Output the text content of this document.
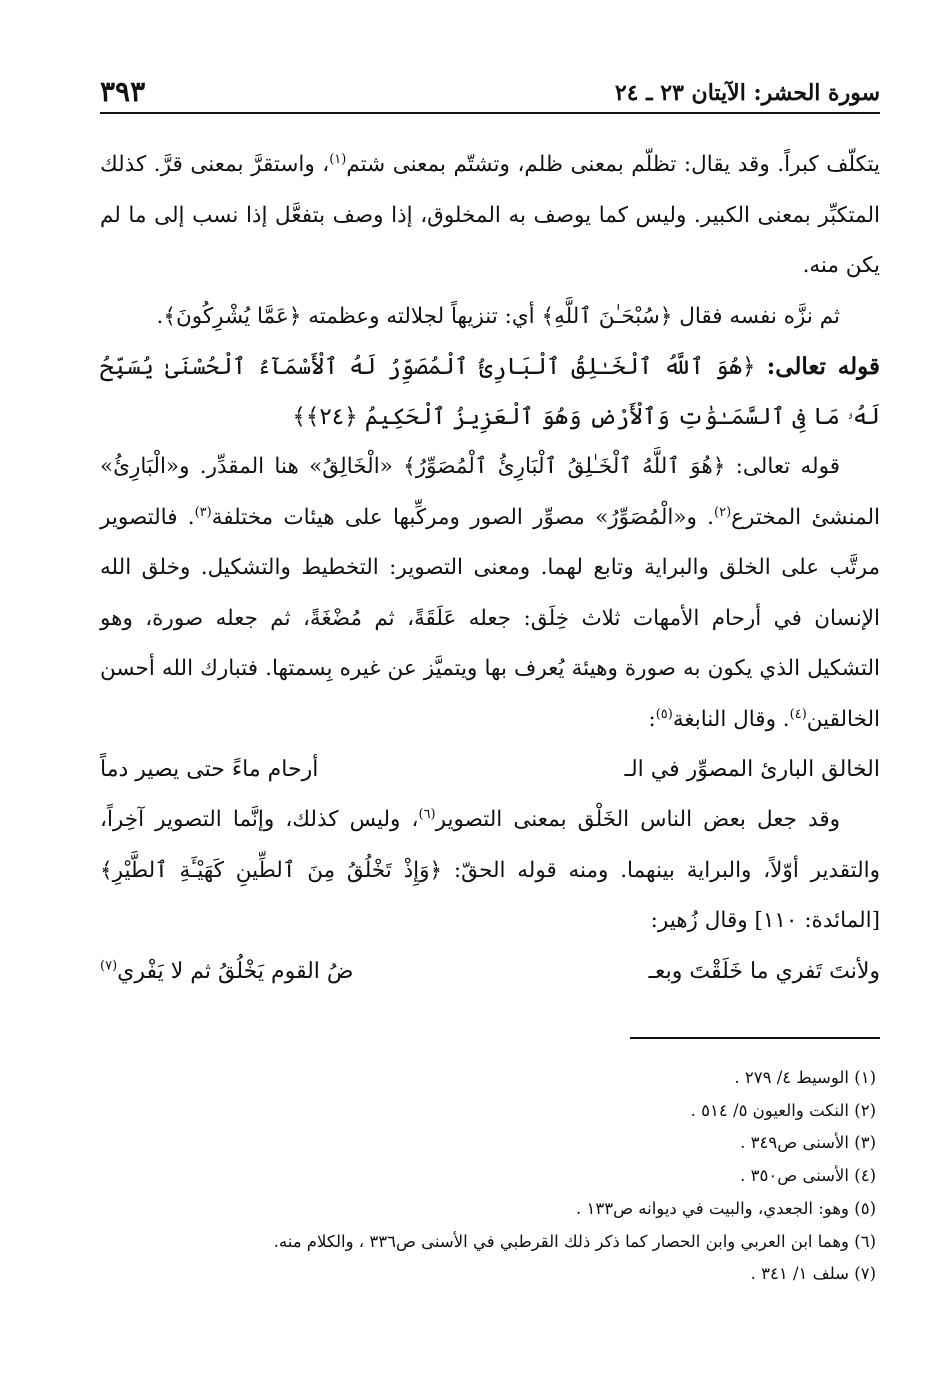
سورة الحشر: الآيتان ٢٣ ـ ٢٤
٣٩٣

يتكلّف كبراً. وقد يقال: تظلّم بمعنى ظلم، وتشتّم بمعنى شتم$^{(١)}$، واستقرَّ بمعنى قرَّ. كذلك المتكبِّر بمعنى الكبير. وليس كما يوصف به المخلوق، إذا وصف بتفعَّل إذا نسب إلى ما لم يكن منه.

ثم نزَّه نفسه فقال ﴿سُبْحَـٰنَ ٱللَّهِ﴾ أي: تنزيهاً لجلالته وعظمته ﴿عَمَّا يُشْرِكُونَ﴾.

قوله تعالى: ﴿هُوَ ٱللَّهُ ٱلْخَـٰلِقُ ٱلْبَارِئُ ٱلْمُصَوِّرُ لَهُ ٱلْأَسْمَآءُ ٱلْحُسْنَىٰ يُسَبِّحُ لَهُۥ مَا فِى ٱلسَّمَـٰوَٰتِ وَٱلْأَرْضِ وَهُوَ ٱلْعَزِيزُ ٱلْحَكِيمُ ﴿٢٤﴾﴾

قوله تعالى: ﴿هُوَ ٱللَّهُ ٱلْخَـٰلِقُ ٱلْبَارِئُ ٱلْمُصَوِّرُ﴾ «الْخَالِقُ» هنا المقدِّر. و«الْبَارِئُ» المنشئ المخترع$^{(٢)}$. و«الْمُصَوِّرُ» مصوِّر الصور ومركِّبها على هيئات مختلفة$^{(٣)}$. فالتصوير مرتَّب على الخلق والبراية وتابع لهما. ومعنى التصوير: التخطيط والتشكيل. وخلق الله الإنسان في أرحام الأمهات ثلاث خِلَق: جعله عَلَقَةً، ثم مُضْغَةً، ثم جعله صورة، وهو التشكيل الذي يكون به صورة وهيئة يُعرف بها ويتميَّز عن غيره بِسمتها. فتبارك الله أحسن الخالقين$^{(٤)}$. وقال النابغة$^{(٥)}$:

الخالق البارئ المصوِّر في الـ
أرحام ماءً حتى يصير دماً

وقد جعل بعض الناس الخَلْق بمعنى التصوير$^{(٦)}$، وليس كذلك، وإنَّما التصوير آخِراً، والتقدير أوّلاً، والبراية بينهما. ومنه قوله الحقّ: ﴿وَإِذْ تَخْلُقُ مِنَ ٱلطِّينِ كَهَيْـَٔةِ ٱلطَّيْرِ﴾ [المائدة: ١١٠] وقال زُهير:

ولأنتَ تَفري ما خَلَقْتَ وبعـ
ضُ القوم يَخْلُقُ ثم لا يَفْري$^{(٧)}$

(١) الوسيط ٤/ ٢٧٩ .

(٢) النكت والعيون ٥/ ٥١٤ .

(٣) الأسنى ص٣٤٩ .

(٤) الأسنى ص٣٥٠ .

(٥) وهو: الجعدي، والبيت في ديوانه ص١٣٣ .

(٦) وهما ابن العربي وابن الحصار كما ذكر ذلك القرطبي في الأسنى ص٣٣٦ ، والكلام منه.

(٧) سلف ١/ ٣٤١ .
